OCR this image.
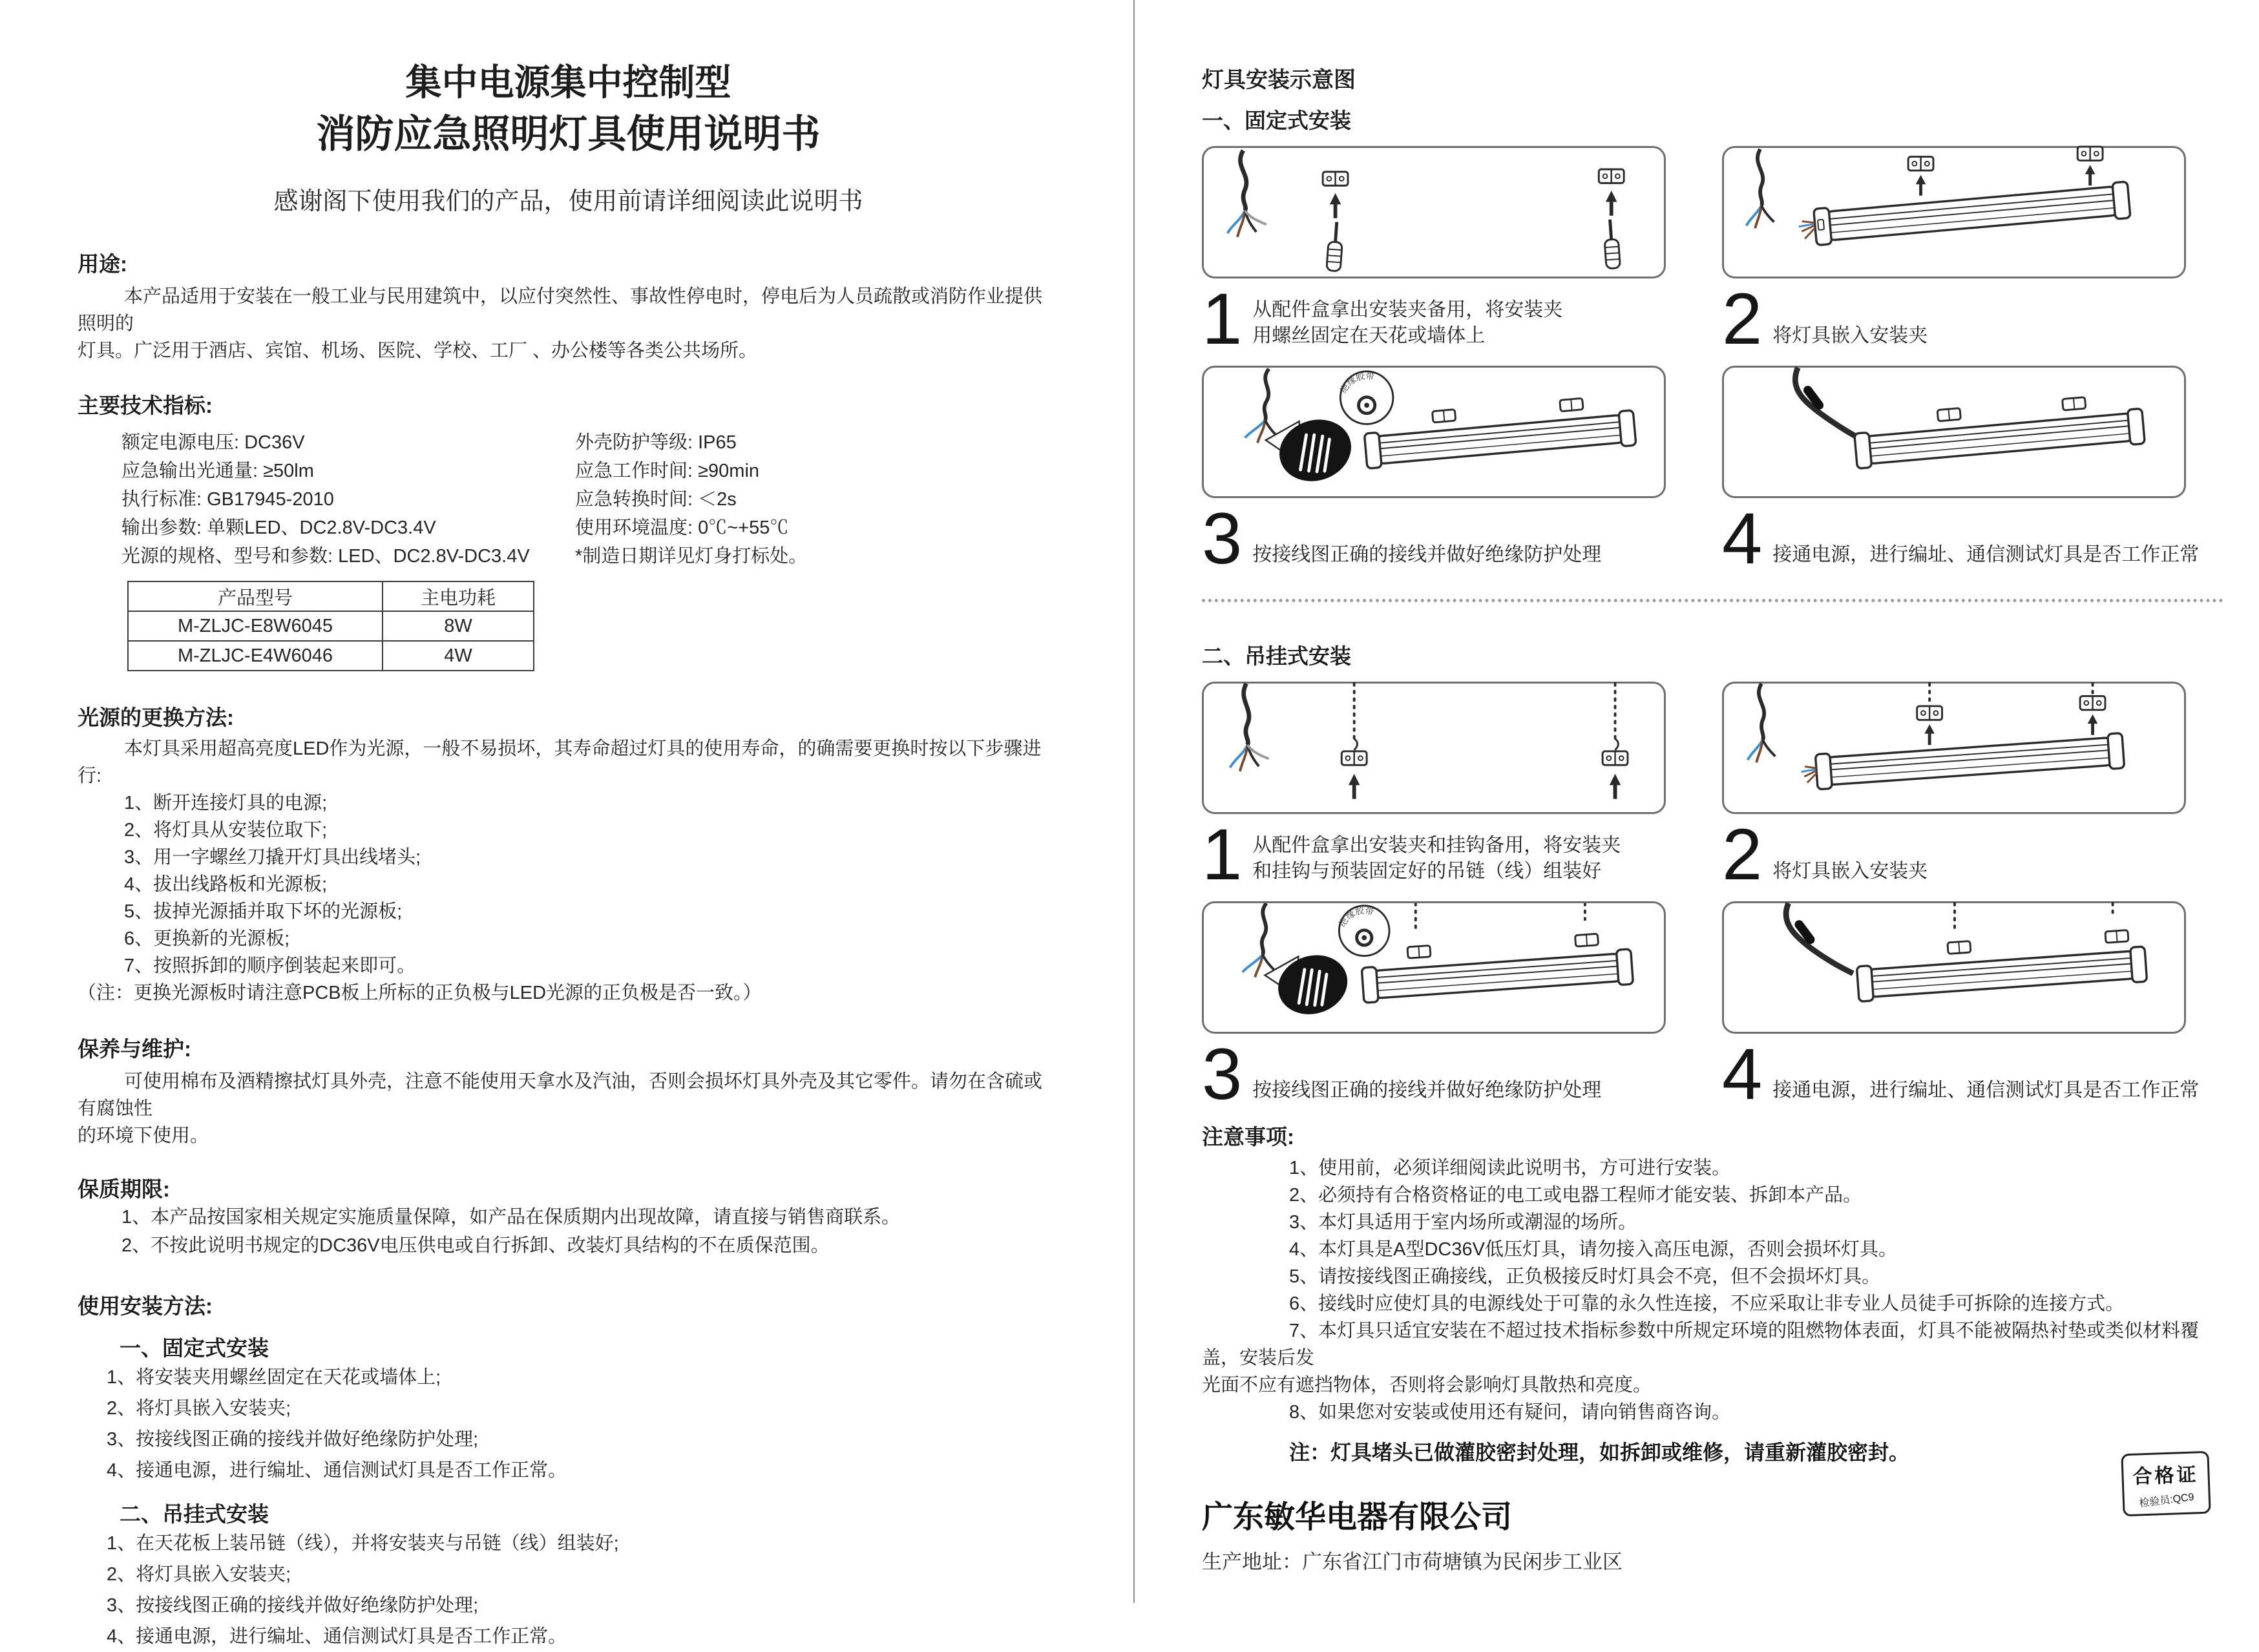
集中电源集中控制型
消防应急照明灯具使用说明书
感谢阁下使用我们的产品，使用前请详细阅读此说明书

用途:

本产品适用于安装在一般工业与民用建筑中，以应付突然性、事故性停电时，停电后为人员疏散或消防作业提供照明的

灯具。广泛用于酒店、宾馆、机场、医院、学校、工厂 、办公楼等各类公共场所。

主要技术指标:

额定电源电压: DC36V
应急输出光通量: ≥50lm
执行标准: GB17945-2010
输出参数: 单颗LED、DC2.8V-DC3.4V
光源的规格、型号和参数: LED、DC2.8V-DC3.4V
外壳防护等级: IP65
应急工作时间: ≥90min
应急转换时间: ＜2s
使用环境温度: 0℃~+55℃
*制造日期详见灯身打标处。
产品型号	主电功耗
M-ZLJC-E8W6045	8W
M-ZLJC-E4W6046	4W

光源的更换方法:

本灯具采用超高亮度LED作为光源，一般不易损坏，其寿命超过灯具的使用寿命，的确需要更换时按以下步骤进行:

1、断开连接灯具的电源;

2、将灯具从安装位取下;

3、用一字螺丝刀撬开灯具出线堵头;

4、拔出线路板和光源板;

5、拔掉光源插并取下坏的光源板;

6、更换新的光源板;

7、按照拆卸的顺序倒装起来即可。

（注：更换光源板时请注意PCB板上所标的正负极与LED光源的正负极是否一致。）

保养与维护:

可使用棉布及酒精擦拭灯具外壳，注意不能使用天拿水及汽油，否则会损坏灯具外壳及其它零件。请勿在含硫或有腐蚀性

的环境下使用。

保质期限:

1、本产品按国家相关规定实施质量保障，如产品在保质期内出现故障，请直接与销售商联系。

2、不按此说明书规定的DC36V电压供电或自行拆卸、改装灯具结构的不在质保范围。

使用安装方法:

一、固定式安装

1、将安装夹用螺丝固定在天花或墙体上;

2、将灯具嵌入安装夹;

3、按接线图正确的接线并做好绝缘防护处理;

4、接通电源，进行编址、通信测试灯具是否工作正常。

二、吊挂式安装

1、在天花板上装吊链（线），并将安装夹与吊链（线）组装好;

2、将灯具嵌入安装夹;

3、按接线图正确的接线并做好绝缘防护处理;

4、接通电源，进行编址、通信测试灯具是否工作正常。

灯具安装示意图

一、固定式安装

1 从配件盒拿出安装夹备用，将安装夹
用螺丝固定在天花或墙体上	2 将灯具嵌入安装夹
绝缘胶带
3 按接线图正确的接线并做好绝缘防护处理 4 接通电源，进行编址、通信测试灯具是否工作正常

二、吊挂式安装

1 从配件盒拿出安装夹和挂钩备用，将安装夹
和挂钩与预装固定好的吊链（线）组装好 2 将灯具嵌入安装夹
绝缘胶带
3 按接线图正确的接线并做好绝缘防护处理 4 接通电源，进行编址、通信测试灯具是否工作正常

注意事项:

1、使用前，必须详细阅读此说明书，方可进行安装。

2、必须持有合格资格证的电工或电器工程师才能安装、拆卸本产品。

3、本灯具适用于室内场所或潮湿的场所。

4、本灯具是A型DC36V低压灯具，请勿接入高压电源，否则会损坏灯具。

5、请按接线图正确接线，正负极接反时灯具会不亮，但不会损坏灯具。

6、接线时应使灯具的电源线处于可靠的永久性连接，不应采取让非专业人员徒手可拆除的连接方式。

7、本灯具只适宜安装在不超过技术指标参数中所规定环境的阻燃物体表面，灯具不能被隔热衬垫或类似材料覆盖，安装后发

光面不应有遮挡物体，否则将会影响灯具散热和亮度。

8、如果您对安装或使用还有疑问，请向销售商咨询。

注：灯具堵头已做灌胶密封处理，如拆卸或维修，请重新灌胶密封。

广东敏华电器有限公司

生产地址：广东省江门市荷塘镇为民闲步工业区

合格证
检验员:QC9
